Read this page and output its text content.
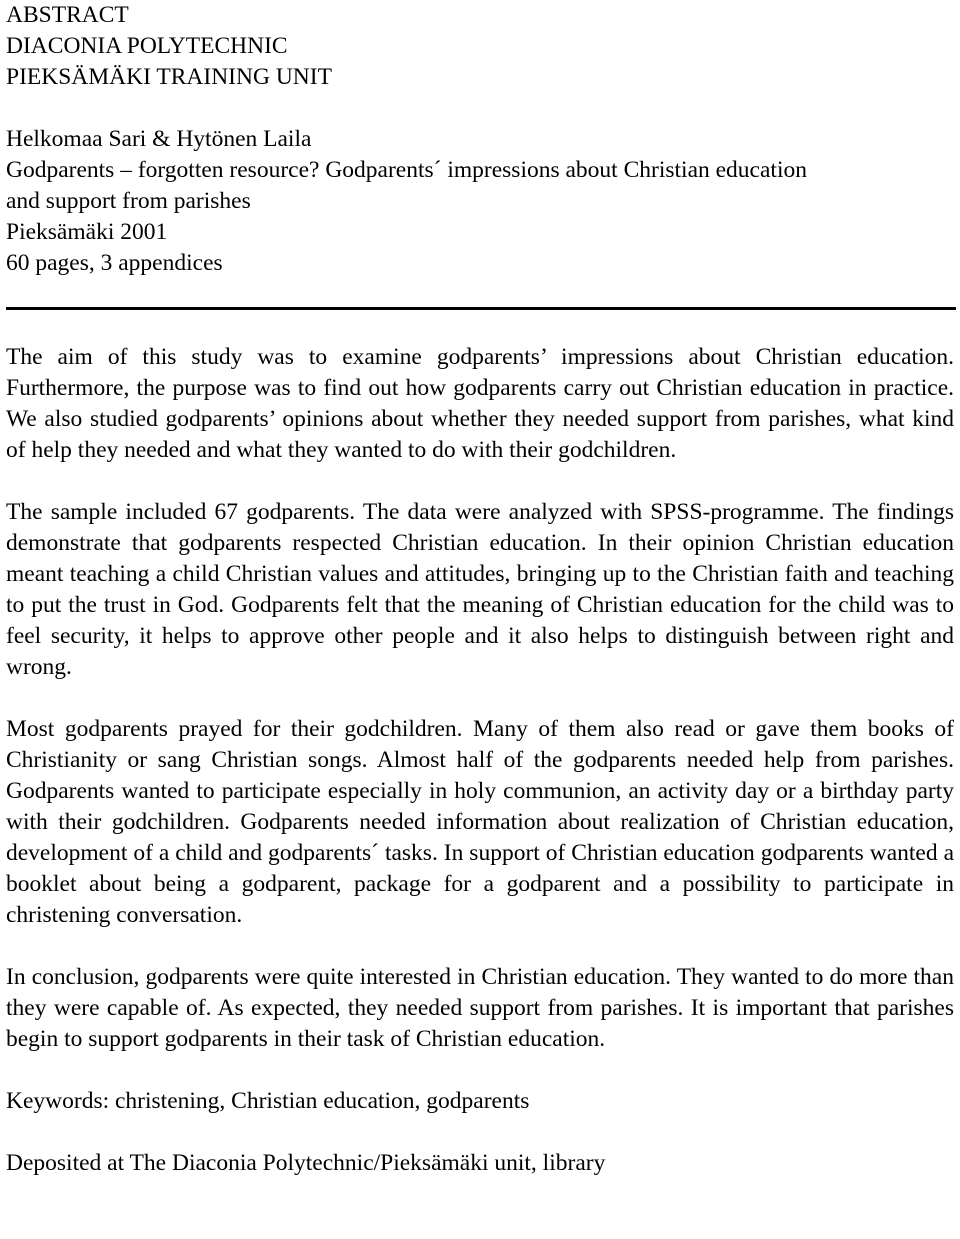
ABSTRACT

DIACONIA POLYTECHNIC

PIEKSÄMÄKI TRAINING UNIT

Helkomaa Sari & Hytönen Laila

Godparents – forgotten resource? Godparents´ impressions about Christian education

and support from parishes

Pieksämäki 2001

60 pages, 3 appendices

The aim of this study was to examine godparents’ impressions about Christian education. Furthermore, the purpose was to find out how godparents carry out Christian education in practice. We also studied godparents’ opinions about whether they needed support from parishes, what kind of help they needed and what they wanted to do with their godchildren.

The sample included 67 godparents. The data were analyzed with SPSS-programme. The findings demonstrate that godparents respected Christian education. In their opinion Christian education meant teaching a child Christian values and attitudes, bringing up to the Christian faith and teaching to put the trust in God. Godparents felt that the meaning of Christian education for the child was to feel security, it helps to approve other people and it also helps to distinguish between right and wrong.

Most godparents prayed for their godchildren. Many of them also read or gave them books of Christianity or sang Christian songs. Almost half of the godparents needed help from parishes. Godparents wanted to participate especially in holy communion, an activity day or a birthday party with their godchildren. Godparents needed information about realization of Christian education, development of a child and godparents´ tasks. In support of Christian education godparents wanted a booklet about being a godparent, package for a godparent and a possibility to participate in christening conversation.

In conclusion, godparents were quite interested in Christian education. They wanted to do more than they were capable of. As expected, they needed support from parishes. It is important that parishes begin to support godparents in their task of Christian education.

Keywords: christening, Christian education, godparents

Deposited at The Diaconia Polytechnic/Pieksämäki unit, library
